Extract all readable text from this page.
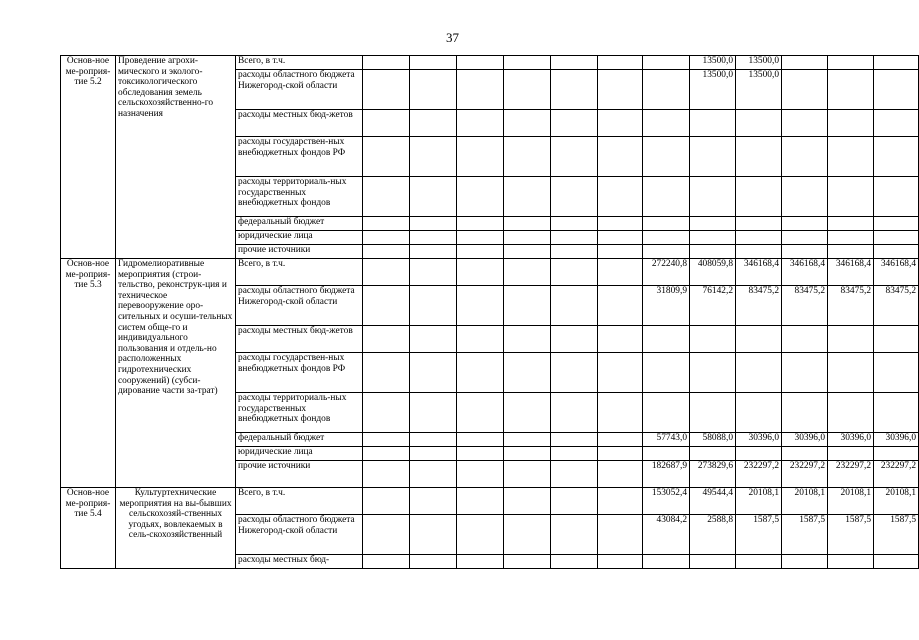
37
Основ-ное ме-роприя-тие 5.2	Проведение агрохи-мического и эколого-токсикологического обследования земель сельскохозяйственно-го назначения	Всего, в т.ч.								13500,0	13500,0			
		расходы областного бюджета Нижегород-ской области								13500,0	13500,0			
		расходы местных бюд-жетов												
		расходы государствен-ных внебюджетных фондов РФ												
		расходы территориаль-ных государственных внебюджетных фондов												
		федеральный бюджет												
		юридические лица												
		прочие источники												
Основ-ное ме-роприя-тие 5.3	Гидромелиоративные мероприятия (строи-тельство, реконструк-ция и техническое перевооружение оро-сительных и осуши-тельных систем обще-го и индивидуального пользования и отдель-но расположенных гидротехнических сооружений) (субси-дирование части за-трат)	Всего, в т.ч.							272240,8	408059,8	346168,4	346168,4	346168,4	346168,4
		расходы областного бюджета Нижегород-ской области							31809,9	76142,2	83475,2	83475,2	83475,2	83475,2
		расходы местных бюд-жетов												
		расходы государствен-ных внебюджетных фондов РФ												
		расходы территориаль-ных государственных внебюджетных фондов												
		федеральный бюджет							57743,0	58088,0	30396,0	30396,0	30396,0	30396,0
		юридические лица												
		прочие источники							182687,9	273829,6	232297,2	232297,2	232297,2	232297,2
Основ-ное ме-роприя-тие 5.4	Культуртехнические мероприятия на вы-бывших сельскохозяй-ственных угодьях, вовлекаемых в сель-скохозяйственный	Всего, в т.ч.							153052,4	49544,4	20108,1	20108,1	20108,1	20108,1
		расходы областного бюджета Нижегород-ской области							43084,2	2588,8	1587,5	1587,5	1587,5	1587,5
		расходы местных бюд-												
